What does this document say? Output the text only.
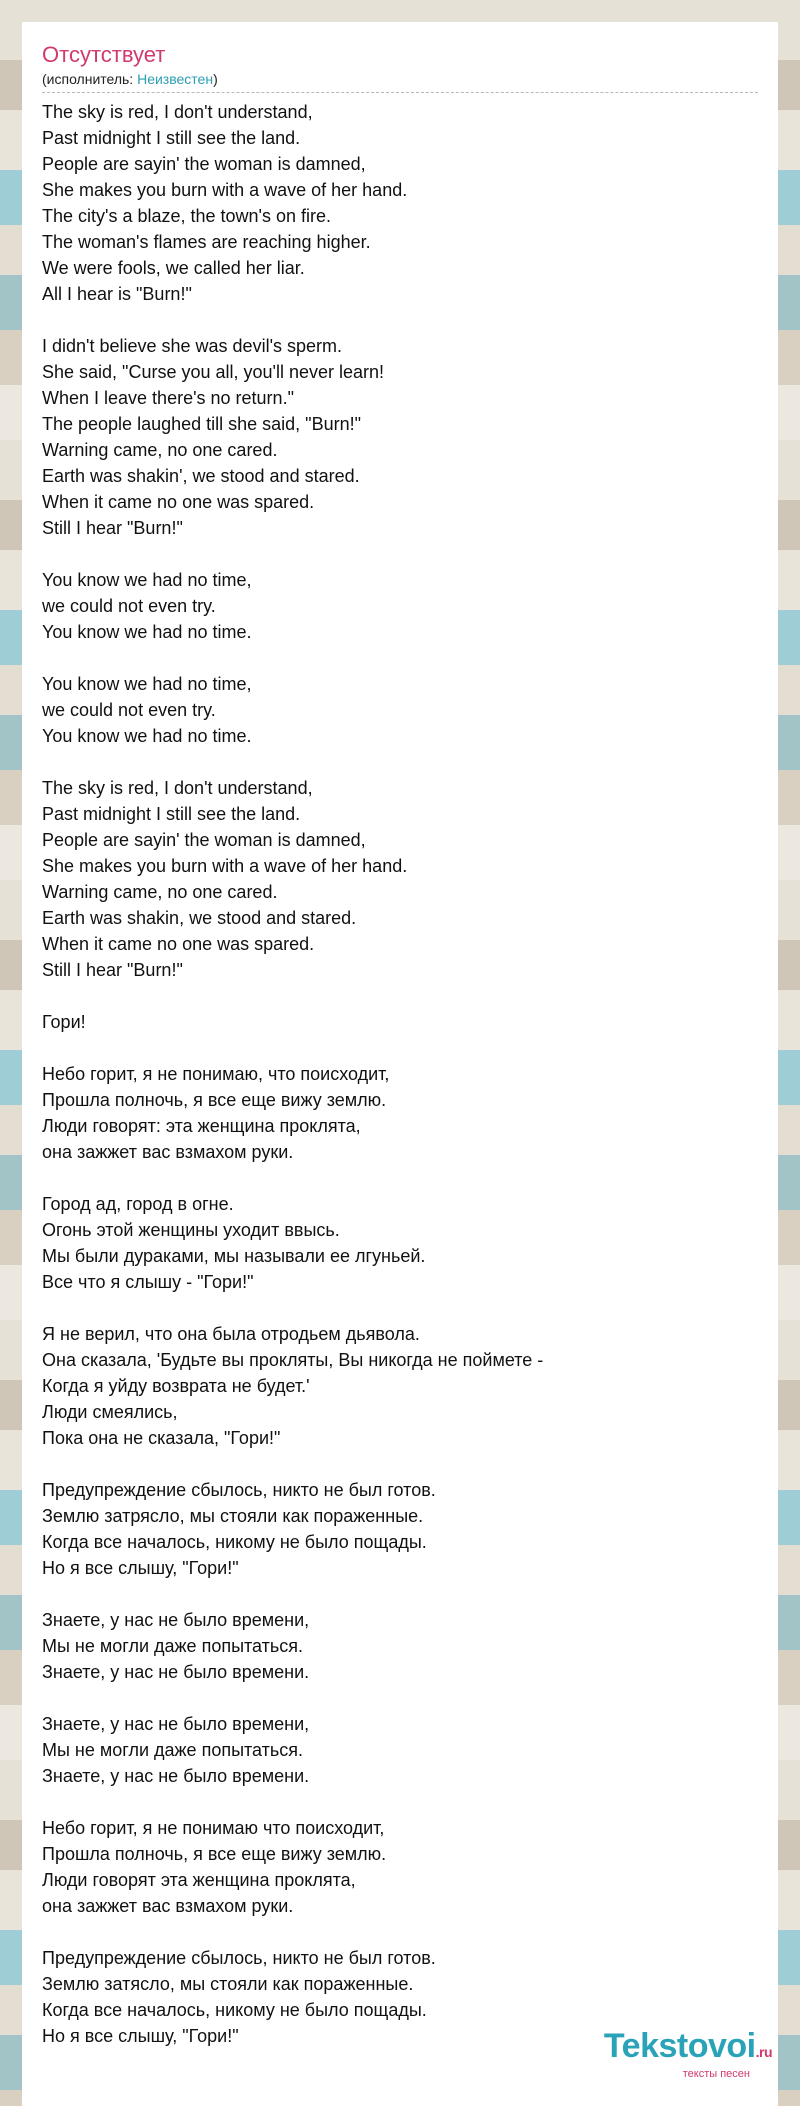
Отсутствует
(исполнитель: Неизвестен)
The sky is red, I don't understand,
Past midnight I still see the land.
People are sayin' the woman is damned,
She makes you burn with a wave of her hand.
The city's a blaze, the town's on fire.
The woman's flames are reaching higher.
We were fools, we called her liar.
All I hear is "Burn!"
I didn't believe she was devil's sperm.
She said, "Curse you all, you'll never learn!
When I leave there's no return."
The people laughed till she said, "Burn!"
Warning came, no one cared.
Earth was shakin', we stood and stared.
When it came no one was spared.
Still I hear "Burn!"
You know we had no time,
we could not even try.
You know we had no time.
You know we had no time,
we could not even try.
You know we had no time.
The sky is red, I don't understand,
Past midnight I still see the land.
People are sayin' the woman is damned,
She makes you burn with a wave of her hand.
Warning came, no one cared.
Earth was shakin, we stood and stared.
When it came no one was spared.
Still I hear "Burn!"
Гори!
Небо горит, я не понимаю, что поисходит,
Прошла полночь, я все еще вижу землю.
Люди говорят: эта женщина проклята,
она зажжет вас взмахом руки.
Город ад, город в огне.
Огонь этой женщины уходит ввысь.
Мы были дураками, мы называли ее лгуньей.
Все что я слышу - "Гори!"
Я не верил, что она была отродьем дьявола.
Она сказала, 'Будьте вы прокляты, Вы никогда не поймете -
Когда я уйду возврата не будет.'
Люди смеялись,
Пока она не сказала, "Гори!"
Предупреждение сбылось, никто не был готов.
Землю затрясло, мы стояли как пораженные.
Когда все началось, никому не было пощады.
Но я все слышу, "Гори!"
Знаете, у нас не было времени,
Мы не могли даже попытаться.
Знаете, у нас не было времени.
Знаете, у нас не было времени,
Мы не могли даже попытаться.
Знаете, у нас не было времени.
Небо горит, я не понимаю что поисходит,
Прошла полночь, я все еще вижу землю.
Люди говорят эта женщина проклята,
она зажжет вас взмахом руки.
Предупреждение сбылось, никто не был готов.
Землю затясло, мы стояли как пораженные.
Когда все началось, никому не было пощады.
Но я все слышу, "Гори!"	Tekstovoi.ru
тексты песен
